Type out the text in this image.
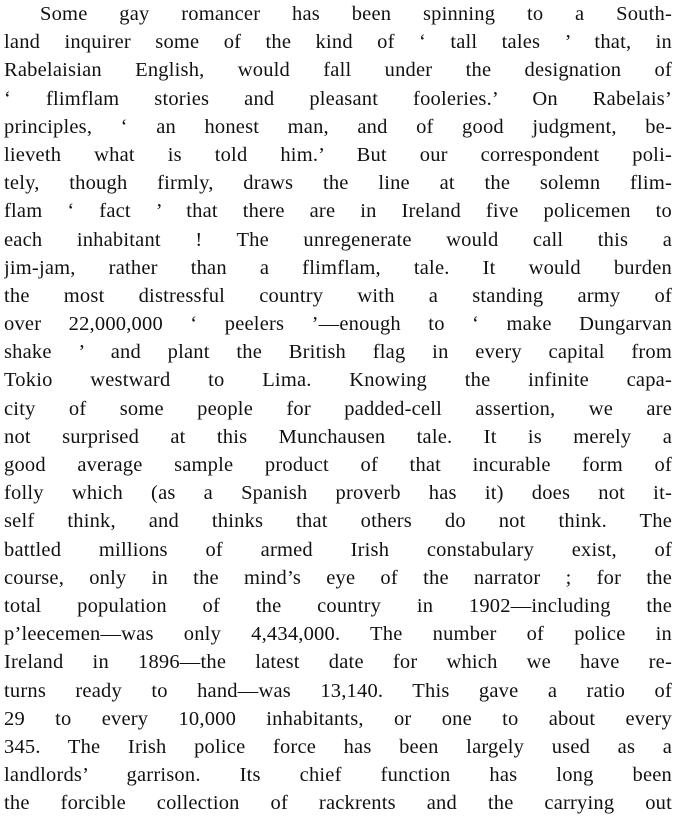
Some gay romancer has been spinning to a South-
land inquirer some of the kind of ‘ tall tales ’ that, in
Rabelaisian English, would fall under the designation of
‘ flimflam stories and pleasant fooleries.’ On Rabelais’
principles, ‘ an honest man, and of good judgment, be-
lieveth what is told him.’ But our correspondent poli-
tely, though firmly, draws the line at the solemn flim-
flam ‘ fact ’ that there are in Ireland five policemen to
each inhabitant ! The unregenerate would call this a
jim-jam, rather than a flimflam, tale. It would burden
the most distressful country with a standing army of
over 22,000,000 ‘ peelers ’—enough to ‘ make Dungarvan
shake ’ and plant the British flag in every capital from
Tokio westward to Lima. Knowing the infinite capa-
city of some people for padded-cell assertion, we are
not surprised at this Munchausen tale. It is merely a
good average sample product of that incurable form of
folly which (as a Spanish proverb has it) does not it-
self think, and thinks that others do not think. The
battled millions of armed Irish constabulary exist, of
course, only in the mind’s eye of the narrator ; for the
total population of the country in 1902—including the
p’leecemen—was only 4,434,000. The number of police in
Ireland in 1896—the latest date for which we have re-
turns ready to hand—was 13,140. This gave a ratio of
29 to every 10,000 inhabitants, or one to about every
345. The Irish police force has been largely used as a
landlords’ garrison. Its chief function has long been
the forcible collection of rackrents and the carrying out
